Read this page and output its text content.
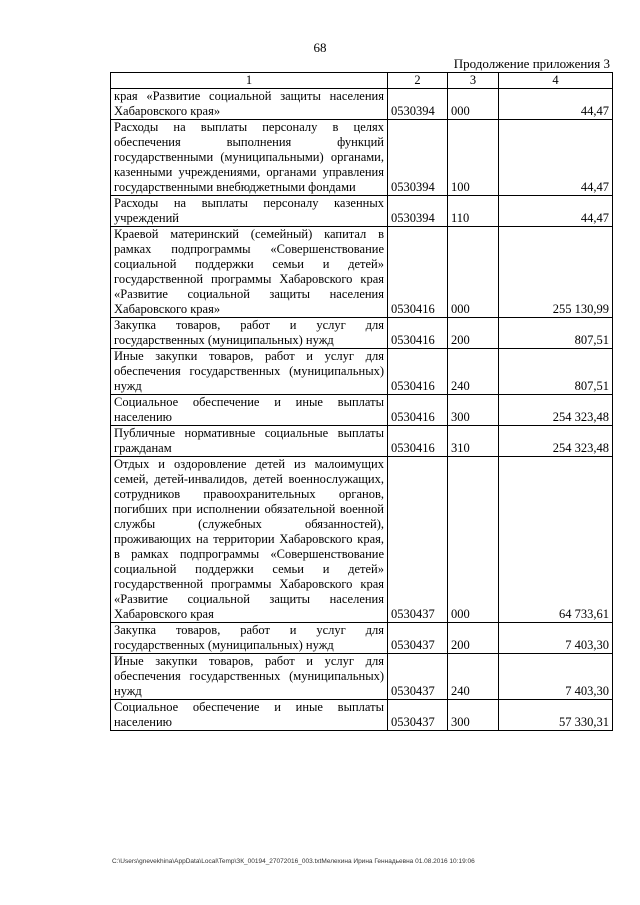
68
Продолжение приложения 3
1	2	3	4
края «Развитие социальной защиты населения Хабаровского края»	0530394	000	44,47
Расходы на выплаты персоналу в целях обеспечения выполнения функций государственными (муниципальными) органами, казенными учреждениями, органами управления государственными внебюджетными фондами	0530394	100	44,47
Расходы на выплаты персоналу казенных учреждений	0530394	110	44,47
Краевой материнский (семейный) капитал в рамках подпрограммы «Совершенствование социальной поддержки семьи и детей» государственной программы Хабаровского края «Развитие социальной защиты населения Хабаровского края»	0530416	000	255 130,99
Закупка товаров, работ и услуг для государственных (муниципальных) нужд	0530416	200	807,51
Иные закупки товаров, работ и услуг для обеспечения государственных (муниципальных) нужд	0530416	240	807,51
Социальное обеспечение и иные выплаты населению	0530416	300	254 323,48
Публичные нормативные социальные выплаты гражданам	0530416	310	254 323,48
Отдых и оздоровление детей из малоимущих семей, детей-инвалидов, детей военнослужащих, сотрудников правоохранительных органов, погибших при исполнении обязательной военной службы (служебных обязанностей), проживающих на территории Хабаровского края, в рамках подпрограммы «Совершенствование социальной поддержки семьи и детей» государственной программы Хабаровского края «Развитие социальной защиты населения Хабаровского края	0530437	000	64 733,61
Закупка товаров, работ и услуг для государственных (муниципальных) нужд	0530437	200	7 403,30
Иные закупки товаров, работ и услуг для обеспечения государственных (муниципальных) нужд	0530437	240	7 403,30
Социальное обеспечение и иные выплаты населению	0530437	300	57 330,31
C:\Users\gnevekhina\AppData\Local\Temp\ЗК_00194_27072016_003.txtМелехина Ирина Геннадьевна 01.08.2016 10:19:06
